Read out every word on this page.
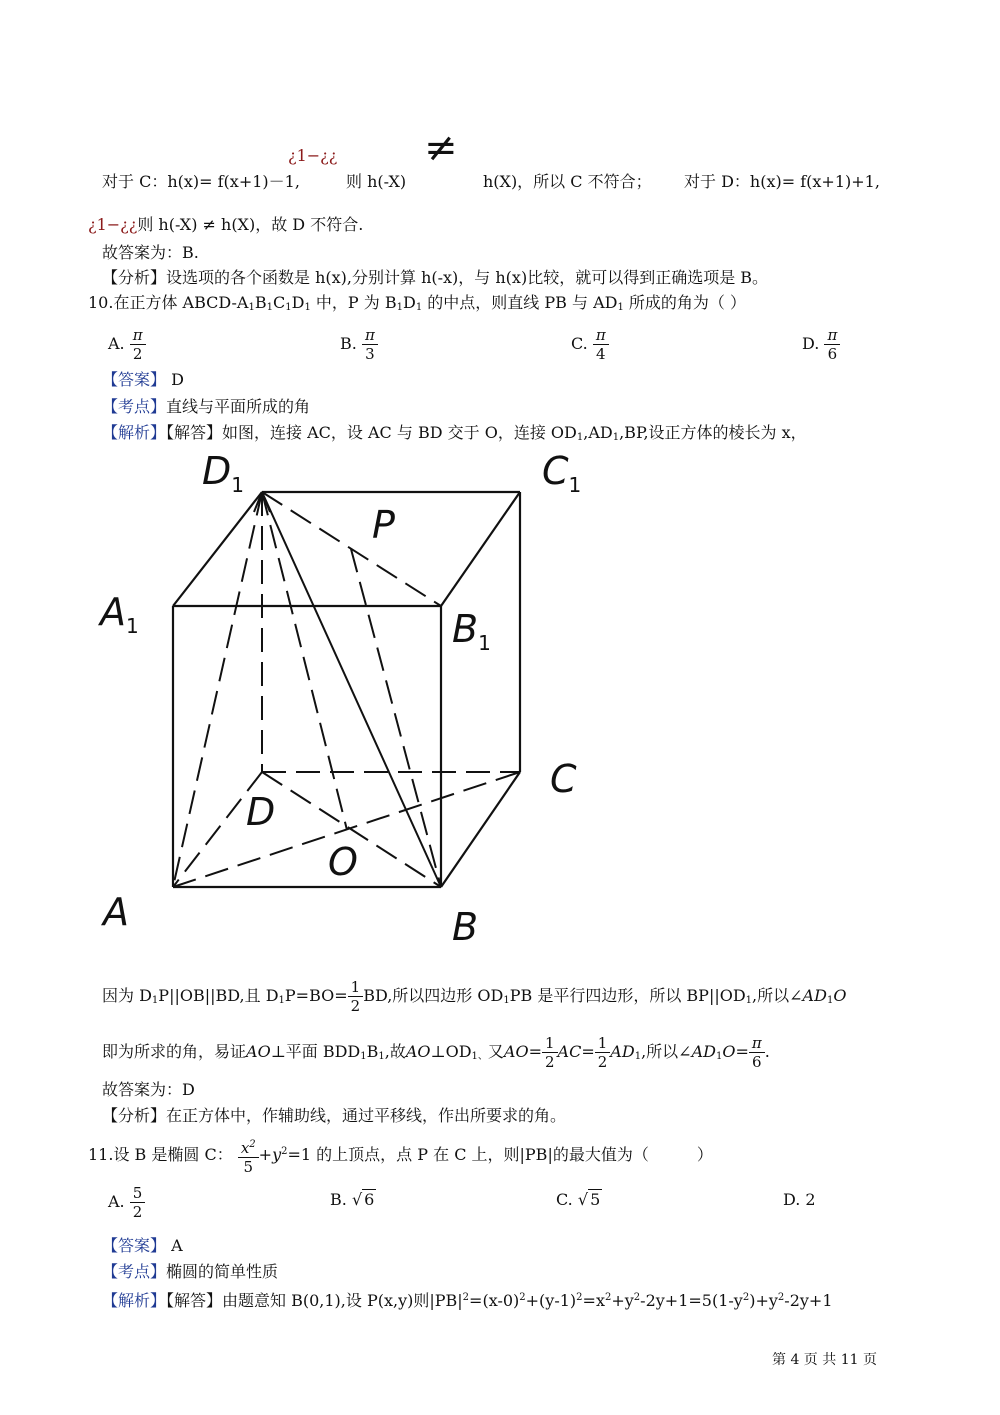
¿1−¿¿ ≠
对于 C：h(x)= f(x+1)－1,	则 h(-X)	h(X)，所以 C 不符合； 对于 D：h(x)= f(x+1)+1,
¿1−¿¿则 h(-X) ≠ h(X)，故 D 不符合.
故答案为：B.
【分析】设选项的各个函数是 h(x),分别计算 h(-x)，与 h(x)比较，就可以得到正确选项是 B。
10.在正方体 ABCD-$A_1B_1C_1D_1$ 中，P 为 $B_1D_1$ 的中点，则直线 PB 与 $AD_1$ 所成的角为（ ）
A. $\frac{\pi}{2}$	B. $\frac{\pi}{3}$	C. $\frac{\pi}{4}$	D. $\frac{\pi}{6}$
【答案】 D
【考点】直线与平面所成的角
【解析】【解答】如图，连接 AC，设 AC 与 BD 交于 O，连接 $OD_1,AD_1,BP$,设正方体的棱长为 x，
$D_1$	$C_1$
$A_1$	$B_1$
P
C
D
O
A	B
因为 $D_1P||OB||BD$,且 $D_1P=BO= \frac{1}{2}$ BD,所以四边形 $OD_1PB$ 是平行四边形，所以 $BP||OD_1$,所以$\angle AD_1O$
即为所求的角，易证AO⊥平面 $BDD_1B_1$,故$AO\perp OD_{1、}$又$AO= \frac{1}{2} AC= \frac{1}{2} AD_1$,所以$\angle AD_1O= \frac{\pi}{6}$ .
故答案为：D
【分析】在正方体中，作辅助线，通过平移线，作出所要求的角。
11.设 B 是椭圆 C： $\frac{x^2}{5} +y^2=1$ 的上顶点，点 P 在 C 上，则|PB|的最大值为（　　　）
A. $\frac{5}{2}$	B. √ 6	C. √ 5	D. 2
【答案】 A
【考点】椭圆的简单性质
【解析】【解答】由题意知 B(0,1),设 P(x,y)则$|PB|^2=(x-0)^2+(y-1)^2=x^2+y^2-2y+1=5(1-y^2)+y^2-2y+1$
第 4 页 共 11 页
